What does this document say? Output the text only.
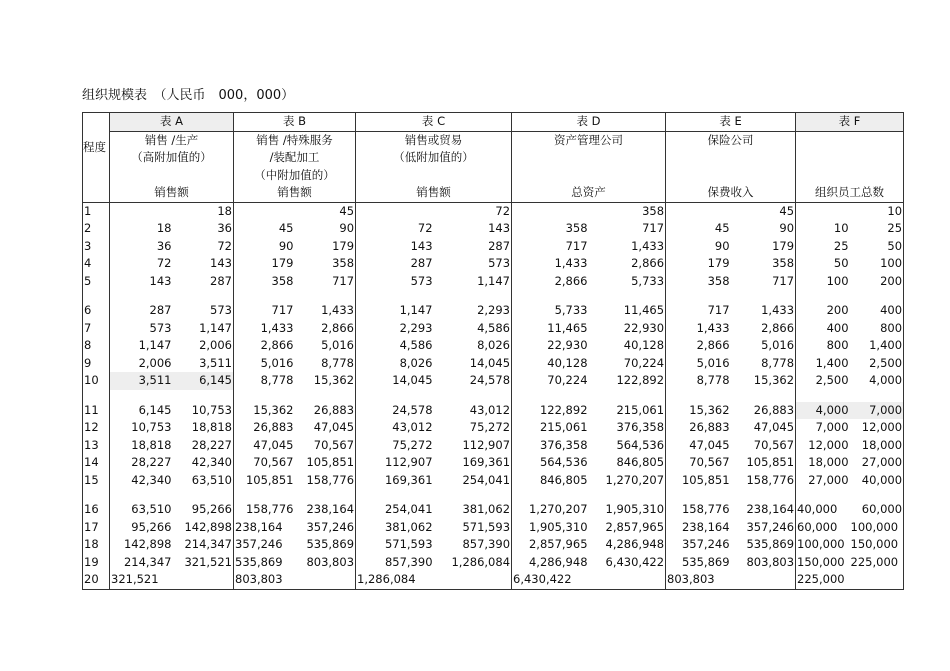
组织规模表　（人民币　000，000）
程度	表 A		表 B		表 C		表 D		表 E		表 F	
	销售 /生产		销售 /特殊服务		销售或贸易		资产管理公司		保险公司			
	（高附加值的）		/装配加工		（低附加值的）							
			（中附加值的）									
	销售额		销售额		销售额		总资产		保费收入		组织员工总数	
1		18		45		72		358		45		10
2	18	36	45	90	72	143	358	717	45	90	10	25
3	36	72	90	179	143	287	717	1,433	90	179	25	50
4	72	143	179	358	287	573	1,433	2,866	179	358	50	100
5	143	287	358	717	573	1,147	2,866	5,733	358	717	100	200

6	287	573	717	1,433	1,147	2,293	5,733	11,465	717	1,433	200	400
7	573	1,147	1,433	2,866	2,293	4,586	11,465	22,930	1,433	2,866	400	800
8	1,147	2,006	2,866	5,016	4,586	8,026	22,930	40,128	2,866	5,016	800	1,400
9	2,006	3,511	5,016	8,778	8,026	14,045	40,128	70,224	5,016	8,778	1,400	2,500
10	3,511	6,145	8,778	15,362	14,045	24,578	70,224	122,892	8,778	15,362	2,500	4,000

11	6,145	10,753	15,362	26,883	24,578	43,012	122,892	215,061	15,362	26,883	4,000	7,000
12	10,753	18,818	26,883	47,045	43,012	75,272	215,061	376,358	26,883	47,045	7,000	12,000
13	18,818	28,227	47,045	70,567	75,272	112,907	376,358	564,536	47,045	70,567	12,000	18,000
14	28,227	42,340	70,567	105,851	112,907	169,361	564,536	846,805	70,567	105,851	18,000	27,000
15	42,340	63,510	105,851	158,776	169,361	254,041	846,805	1,270,207	105,851	158,776	27,000	40,000

16	63,510	95,266	158,776	238,164	254,041	381,062	1,270,207	1,905,310	158,776	238,164	40,000	60,000
17	95,266	142,898	238,164	357,246	381,062	571,593	1,905,310	2,857,965	238,164	357,246	60,000	100,000
18	142,898	214,347	357,246	535,869	571,593	857,390	2,857,965	4,286,948	357,246	535,869	100,000	150,000
19	214,347	321,521	535,869	803,803	857,390	1,286,084	4,286,948	6,430,422	535,869	803,803	150,000	225,000
20	321,521		803,803		1,286,084		6,430,422		803,803		225,000	
